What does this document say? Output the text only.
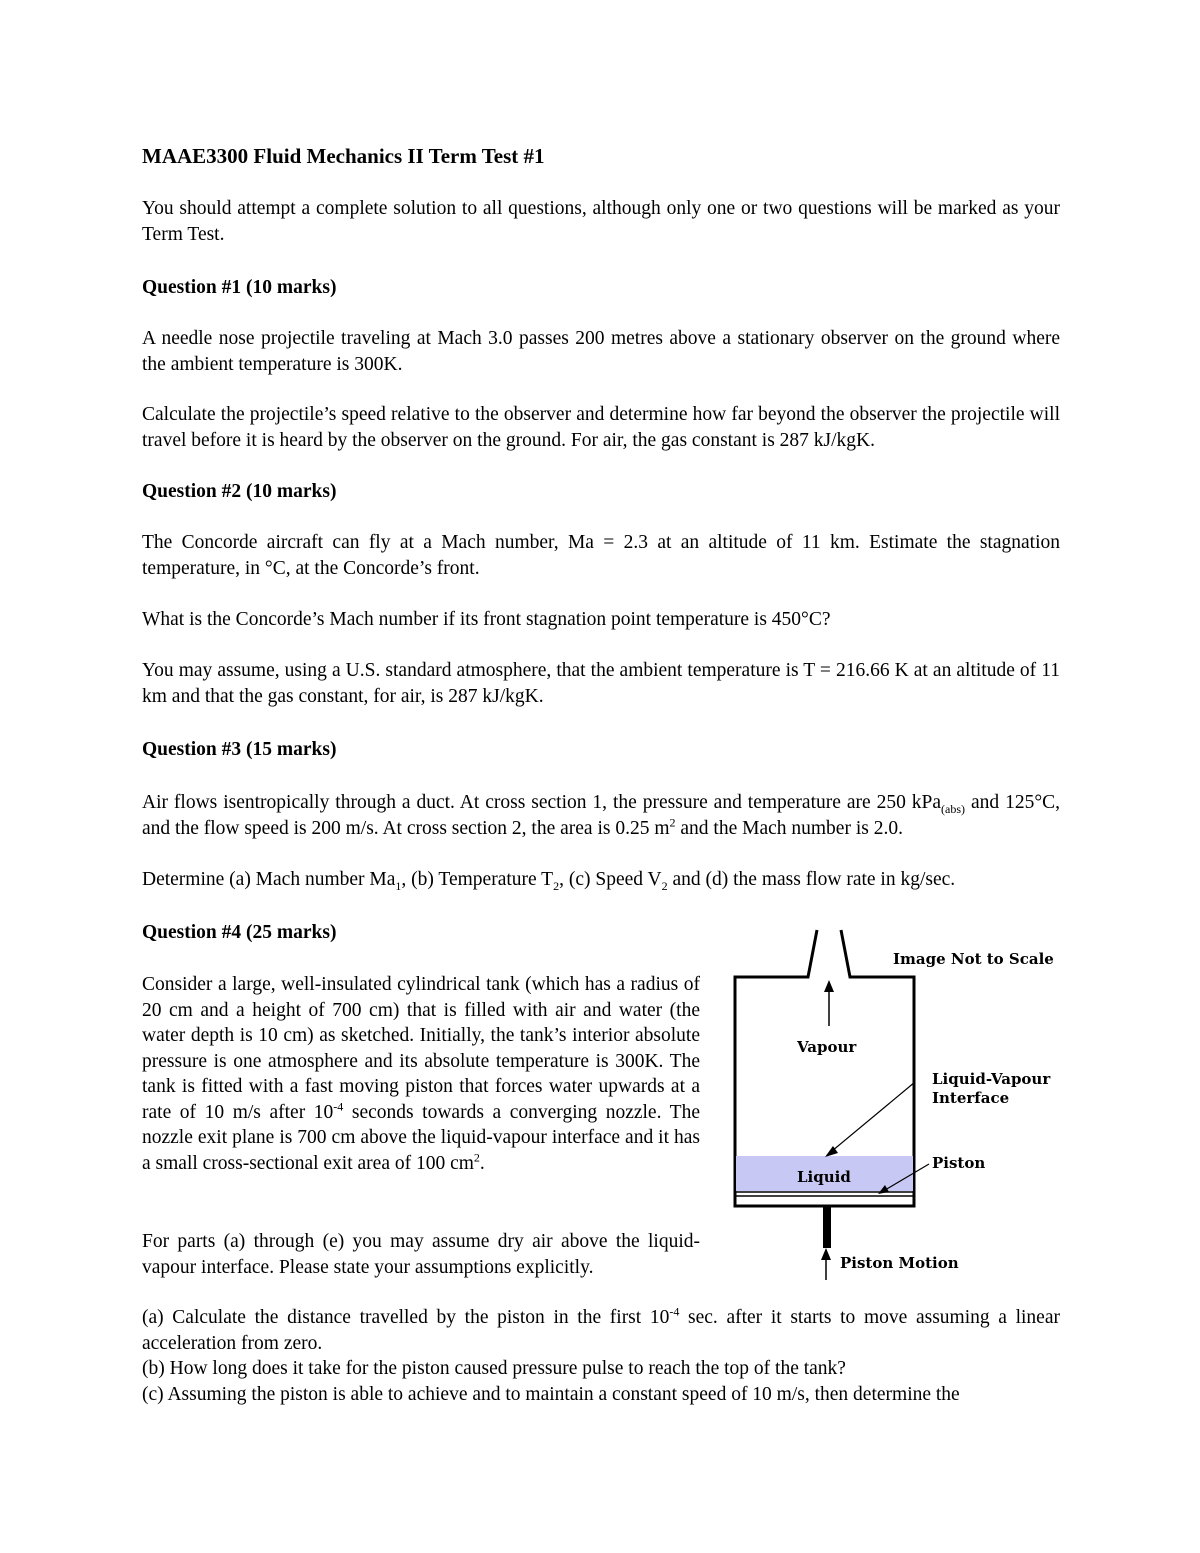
MAAE3300 Fluid Mechanics II Term Test #1

You should attempt a complete solution to all questions, although only one or two questions will be marked as your Term Test.

Question #1 (10 marks)

A needle nose projectile traveling at Mach 3.0 passes 200 metres above a stationary observer on the ground where the ambient temperature is 300K.

Calculate the projectile’s speed relative to the observer and determine how far beyond the observer the projectile will travel before it is heard by the observer on the ground. For air, the gas constant is 287 kJ/kgK.

Question #2 (10 marks)

The Concorde aircraft can fly at a Mach number, Ma = 2.3 at an altitude of 11 km. Estimate the stagnation temperature, in °C, at the Concorde’s front.

What is the Concorde’s Mach number if its front stagnation point temperature is 450°C?

You may assume, using a U.S. standard atmosphere, that the ambient temperature is T = 216.66 K at an altitude of 11 km and that the gas constant, for air, is 287 kJ/kgK.

Question #3 (15 marks)

Air flows isentropically through a duct. At cross section 1, the pressure and temperature are 250 kPa$_{(abs)}$ and 125°C, and the flow speed is 200 m/s. At cross section 2, the area is 0.25 $m^2$ and the Mach number is 2.0.

Determine (a) Mach number $Ma_1$, (b) Temperature $T_2$, (c) Speed $V_2$ and (d) the mass flow rate in kg/sec.

Question #4 (25 marks)

Consider a large, well-insulated cylindrical tank (which has a radius of 20 cm and a height of 700 cm) that is filled with air and water (the water depth is 10 cm) as sketched. Initially, the tank’s interior absolute pressure is one atmosphere and its absolute temperature is 300K. The tank is fitted with a fast moving piston that forces water upwards at a rate of 10 m/s after $10^{-4}$ seconds towards a converging nozzle. The nozzle exit plane is 700 cm above the liquid-vapour interface and it has a small cross-sectional exit area of 100 $cm^2$.

For parts (a) through (e) you may assume dry air above the liquid-vapour interface. Please state your assumptions explicitly.

(a) Calculate the distance travelled by the piston in the first $10^{-4}$ sec. after it starts to move assuming a linear acceleration from zero.

(b) How long does it take for the piston caused pressure pulse to reach the top of the tank?

(c) Assuming the piston is able to achieve and to maintain a constant speed of 10 m/s, then determine the

Image Not to Scale
Vapour
Liquid-Vapour
Interface
Liquid
Piston
Piston Motion
